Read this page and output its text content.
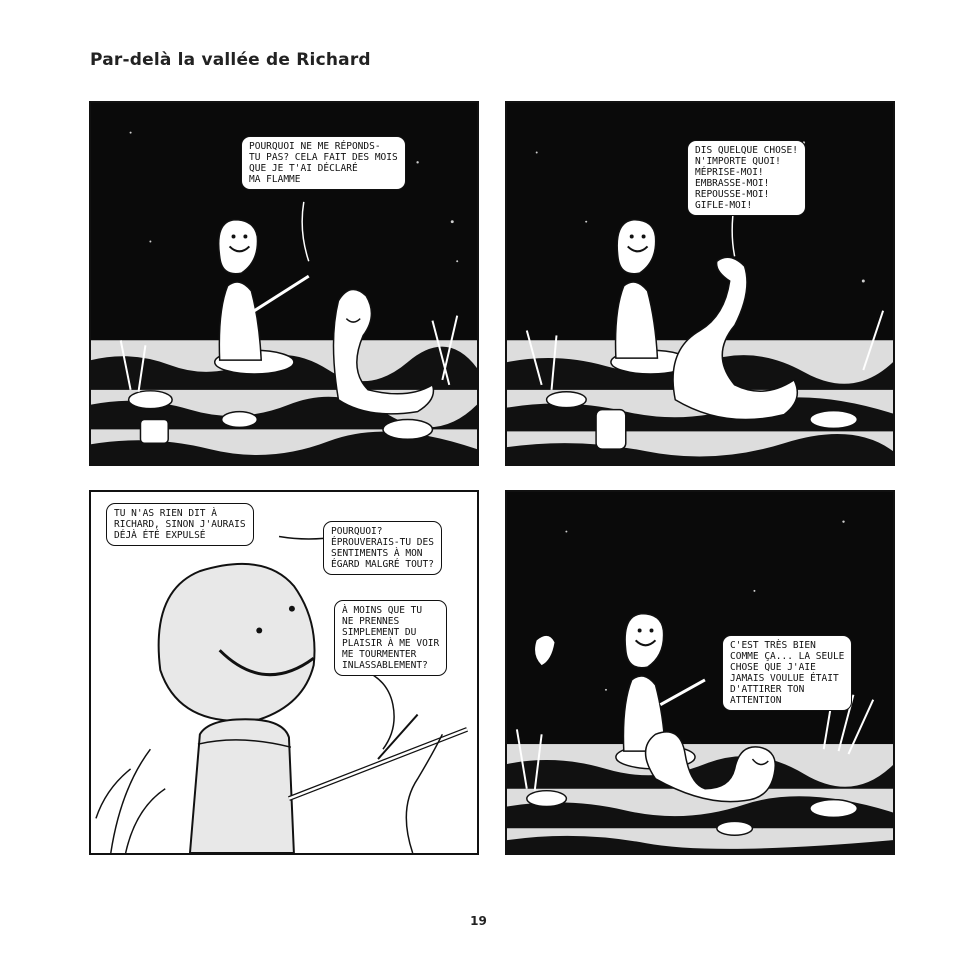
Par-delà la vallée de Richard
POURQUOI NE ME RÉPONDS-
TU PAS? CELA FAIT DES MOIS
QUE JE T'AI DÉCLARÉ
MA FLAMME
DIS QUELQUE CHOSE!
N'IMPORTE QUOI!
MÉPRISE-MOI!
EMBRASSE-MOI!
REPOUSSE-MOI!
GIFLE-MOI!
TU N'AS RIEN DIT À
RICHARD, SINON J'AURAIS
DÉJÀ ÉTÉ EXPULSÉ	POURQUOI?
ÉPROUVERAIS-TU DES
SENTIMENTS À MON
ÉGARD MALGRÉ TOUT?
À MOINS QUE TU
NE PRENNES
SIMPLEMENT DU
PLAISIR À ME VOIR
ME TOURMENTER
INLASSABLEMENT?
C'EST TRÈS BIEN
COMME ÇA... LA SEULE
CHOSE QUE J'AIE
JAMAIS VOULUE ÉTAIT
D'ATTIRER TON
ATTENTION
19
